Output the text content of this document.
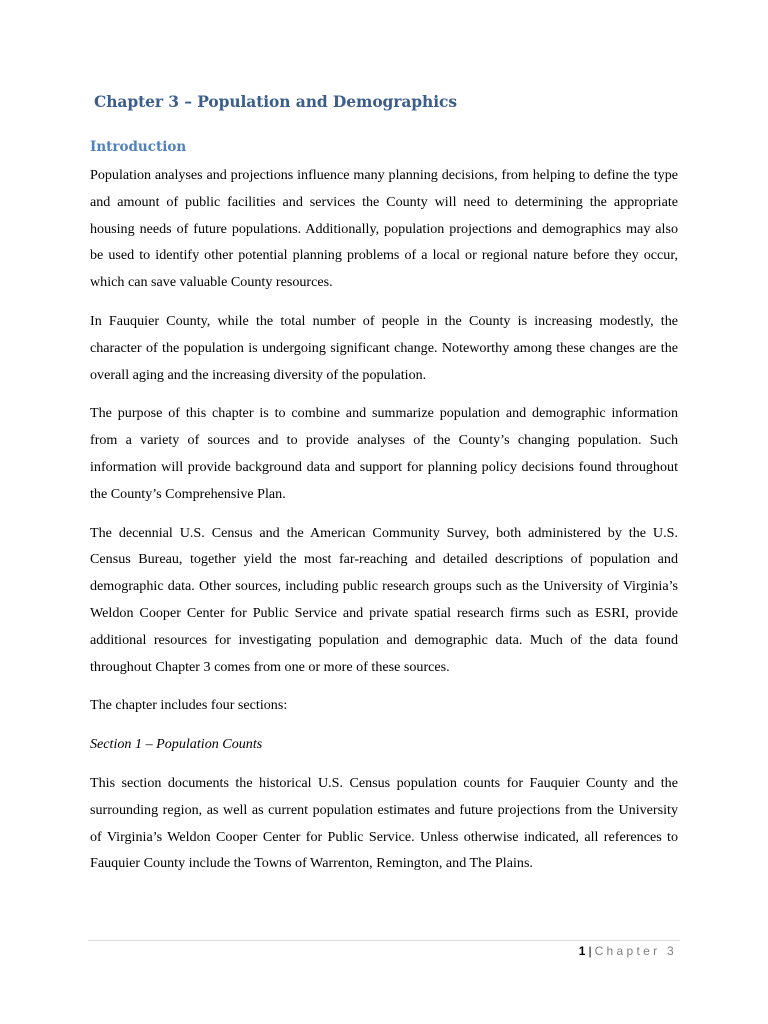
Chapter 3 – Population and Demographics
Introduction

Population analyses and projections influence many planning decisions, from helping to define the type and amount of public facilities and services the County will need to determining the appropriate housing needs of future populations. Additionally, population projections and demographics may also be used to identify other potential planning problems of a local or regional nature before they occur, which can save valuable County resources.

In Fauquier County, while the total number of people in the County is increasing modestly, the character of the population is undergoing significant change. Noteworthy among these changes are the overall aging and the increasing diversity of the population.

The purpose of this chapter is to combine and summarize population and demographic information from a variety of sources and to provide analyses of the County’s changing population. Such information will provide background data and support for planning policy decisions found throughout the County’s Comprehensive Plan.

The decennial U.S. Census and the American Community Survey, both administered by the U.S. Census Bureau, together yield the most far-reaching and detailed descriptions of population and demographic data. Other sources, including public research groups such as the University of Virginia’s Weldon Cooper Center for Public Service and private spatial research firms such as ESRI, provide additional resources for investigating population and demographic data. Much of the data found throughout Chapter 3 comes from one or more of these sources.

The chapter includes four sections:

Section 1 – Population Counts

This section documents the historical U.S. Census population counts for Fauquier County and the surrounding region, as well as current population estimates and future projections from the University of Virginia’s Weldon Cooper Center for Public Service. Unless otherwise indicated, all references to Fauquier County include the Towns of Warrenton, Remington, and The Plains.

1 | Chapter 3
